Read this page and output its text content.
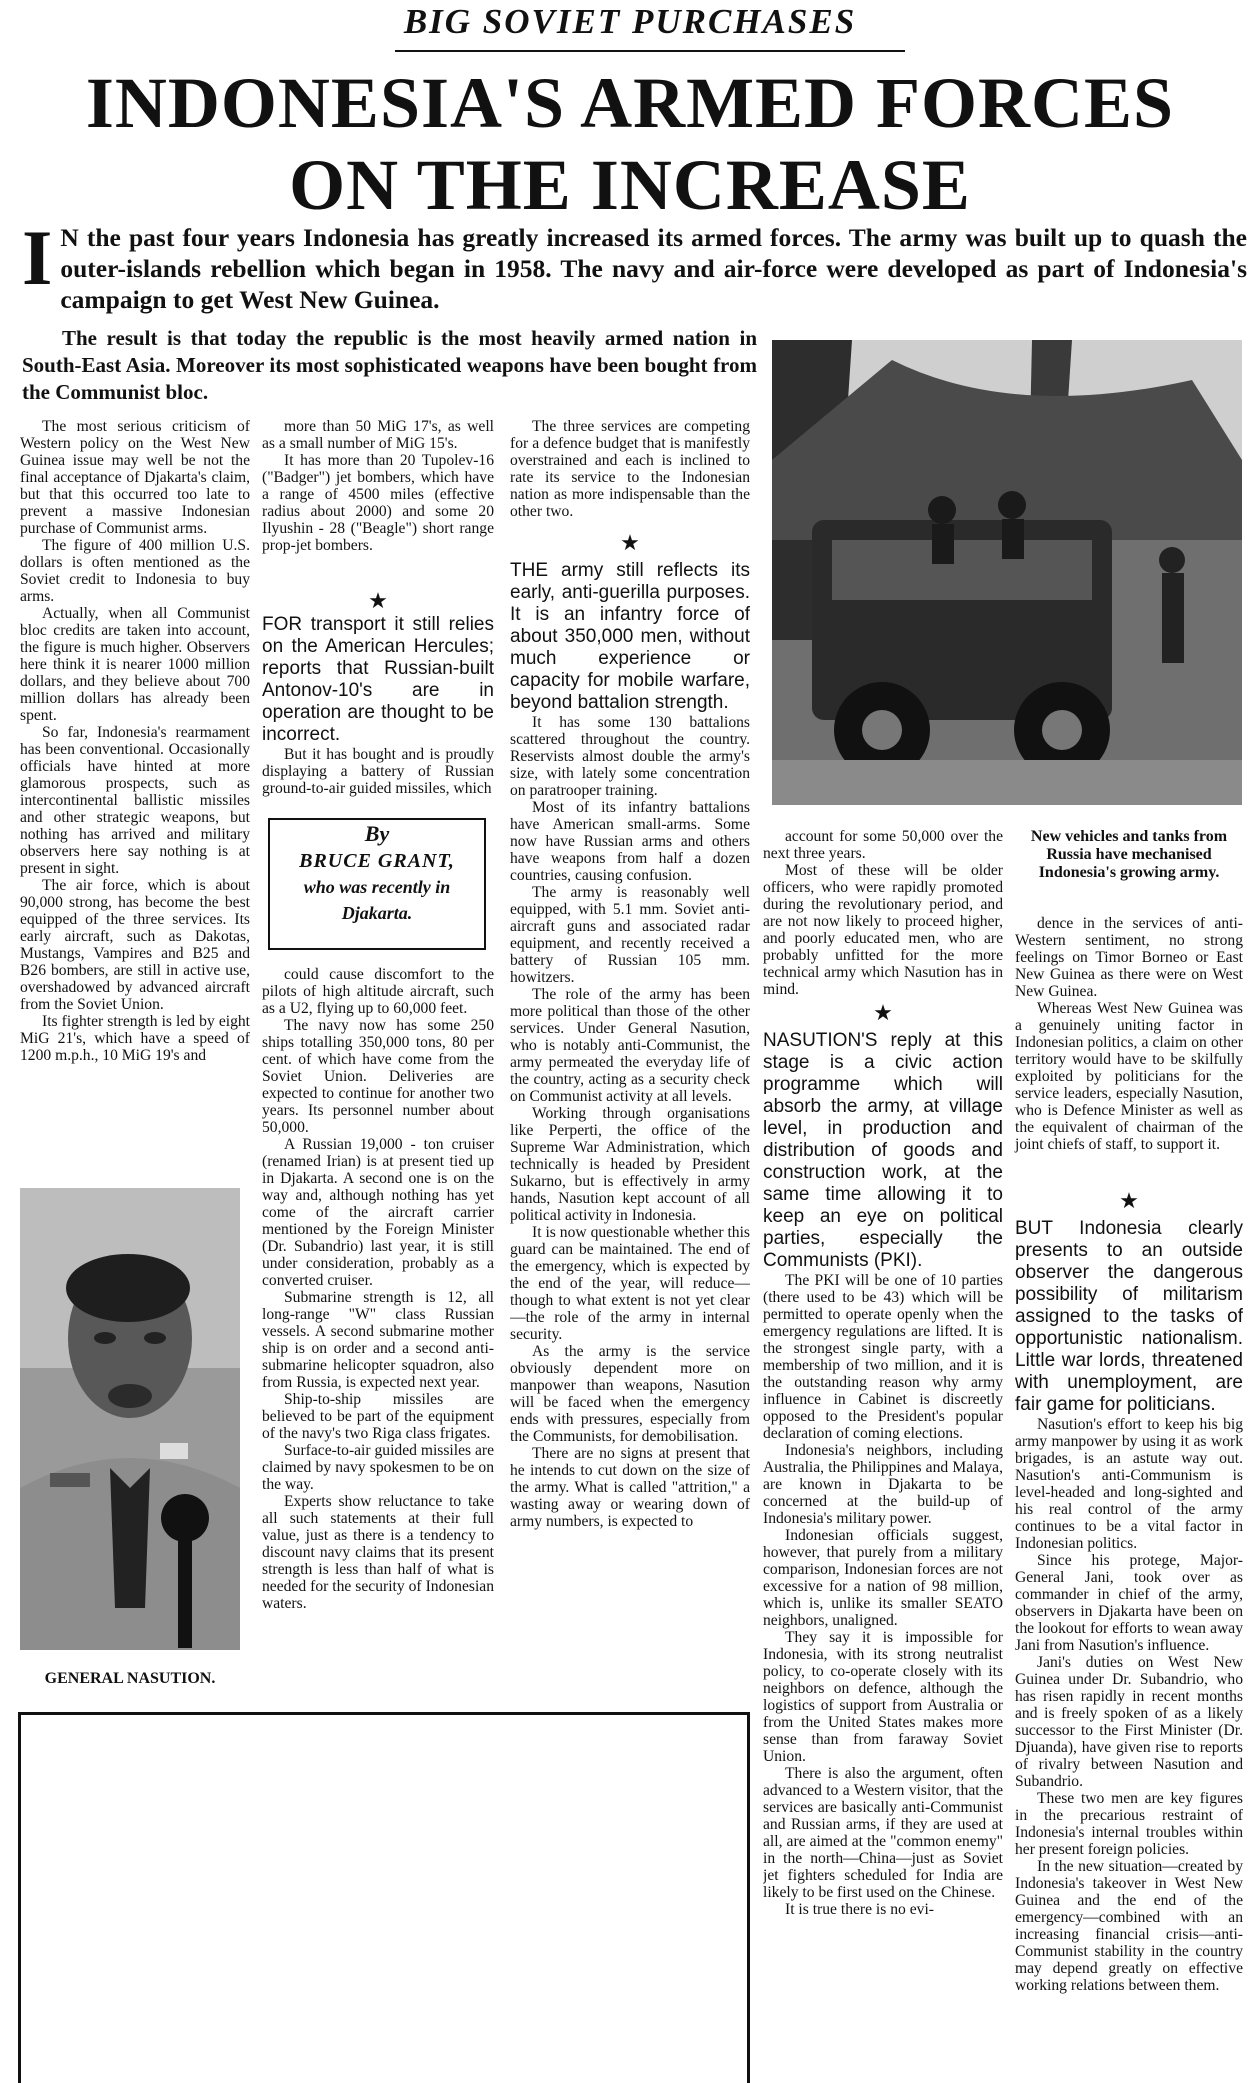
BIG SOVIET PURCHASES
INDONESIA'S ARMED FORCES
ON THE INCREASE
I N the past four years Indonesia has greatly increased its armed forces. The army was built up to quash the outer-islands rebellion which began in 1958. The navy and air-force were developed as part of Indonesia's campaign to get West New Guinea.
The result is that today the republic is the most heavily armed nation in South-East Asia. Moreover its most sophisticated weapons have been bought from the Communist bloc.

The most serious criticism of Western policy on the West New Guinea issue may well be not the final acceptance of Djakarta's claim, but that this occurred too late to prevent a massive Indonesian purchase of Communist arms.

The figure of 400 million U.S. dollars is often mentioned as the Soviet credit to Indonesia to buy arms.

Actually, when all Communist bloc credits are taken into account, the figure is much higher. Observers here think it is nearer 1000 million dollars, and they believe about 700 million dollars has already been spent.

So far, Indonesia's rearmament has been conventional. Occasionally officials have hinted at more glamorous prospects, such as intercontinental ballistic missiles and other strategic weapons, but nothing has arrived and military observers here say nothing is at present in sight.

The air force, which is about 90,000 strong, has become the best equipped of the three services. Its early aircraft, such as Dakotas, Mustangs, Vampires and B25 and B26 bombers, are still in active use, overshadowed by advanced aircraft from the Soviet Union.

Its fighter strength is led by eight MiG 21's, which have a speed of 1200 m.p.h., 10 MiG 19's and

GENERAL NASUTION.

more than 50 MiG 17's, as well as a small number of MiG 15's.

It has more than 20 Tupolev-16 ("Badger") jet bombers, which have a range of 4500 miles (effective radius about 2000) and some 20 Ilyushin - 28 ("Beagle") short range prop-jet bombers.

★

FOR transport it still relies on the American Hercules; reports that Russian-built Antonov-10's are in operation are thought to be incorrect.

But it has bought and is proudly displaying a battery of Russian ground-to-air guided missiles, which

By
BRUCE GRANT,
who was recently in Djakarta.

could cause discomfort to the pilots of high altitude aircraft, such as a U2, flying up to 60,000 feet.

The navy now has some 250 ships totalling 350,000 tons, 80 per cent. of which have come from the Soviet Union. Deliveries are expected to continue for another two years. Its personnel number about 50,000.

A Russian 19,000 - ton cruiser (renamed Irian) is at present tied up in Djakarta. A second one is on the way and, although nothing has yet come of the aircraft carrier mentioned by the Foreign Minister (Dr. Subandrio) last year, it is still under consideration, probably as a converted cruiser.

Submarine strength is 12, all long-range "W" class Russian vessels. A second submarine mother ship is on order and a second anti-submarine helicopter squadron, also from Russia, is expected next year.

Ship-to-ship missiles are believed to be part of the equipment of the navy's two Riga class frigates.

Surface-to-air guided missiles are claimed by navy spokesmen to be on the way.

Experts show reluctance to take all such statements at their full value, just as there is a tendency to discount navy claims that its present strength is less than half of what is needed for the security of Indonesian waters.

The three services are competing for a defence budget that is manifestly overstrained and each is inclined to rate its service to the Indonesian nation as more indispensable than the other two.

★

THE army still reflects its early, anti-guerilla purposes. It is an infantry force of about 350,000 men, without much experience or capacity for mobile warfare, beyond battalion strength.

It has some 130 battalions scattered throughout the country. Reservists almost double the army's size, with lately some concentration on paratrooper training.

Most of its infantry battalions have American small-arms. Some now have Russian arms and others have weapons from half a dozen countries, causing confusion.

The army is reasonably well equipped, with 5.1 mm. Soviet anti-aircraft guns and associated radar equipment, and recently received a battery of Russian 105 mm. howitzers.

The role of the army has been more political than those of the other services. Under General Nasution, who is notably anti-Communist, the army permeated the everyday life of the country, acting as a security check on Communist activity at all levels.

Working through organisations like Perperti, the office of the Supreme War Administration, which technically is headed by President Sukarno, but is effectively in army hands, Nasution kept account of all political activity in Indonesia.

It is now questionable whether this guard can be maintained. The end of the emergency, which is expected by the end of the year, will reduce—though to what extent is not yet clear—the role of the army in internal security.

As the army is the service obviously dependent more on manpower than weapons, Nasution will be faced when the emergency ends with pressures, especially from the Communists, for demobilisation.

There are no signs at present that he intends to cut down on the size of the army. What is called "attrition," a wasting away or wearing down of army numbers, is expected to

account for some 50,000 over the next three years.

Most of these will be older officers, who were rapidly promoted during the revolutionary period, and are not now likely to proceed higher, and poorly educated men, who are probably unfitted for the more technical army which Nasution has in mind.

★

NASUTION'S reply at this stage is a civic action programme which will absorb the army, at village level, in production and distribution of goods and construction work, at the same time allowing it to keep an eye on political parties, especially the Communists (PKI).

The PKI will be one of 10 parties (there used to be 43) which will be permitted to operate openly when the emergency regulations are lifted. It is the strongest single party, with a membership of two million, and it is the outstanding reason why army influence in Cabinet is discreetly opposed to the President's popular declaration of coming elections.

Indonesia's neighbors, including Australia, the Philippines and Malaya, are known in Djakarta to be concerned at the build-up of Indonesia's military power.

Indonesian officials suggest, however, that purely from a military comparison, Indonesian forces are not excessive for a nation of 98 million, which is, unlike its smaller SEATO neighbors, unaligned.

They say it is impossible for Indonesia, with its strong neutralist policy, to co-operate closely with its neighbors on defence, although the logistics of support from Australia or from the United States makes more sense than from faraway Soviet Union.

There is also the argument, often advanced to a Western visitor, that the services are basically anti-Communist and Russian arms, if they are used at all, are aimed at the "common enemy" in the north—China—just as Soviet jet fighters scheduled for India are likely to be first used on the Chinese.

It is true there is no evi-

New vehicles and tanks from Russia have mechanised Indonesia's growing army.

dence in the services of anti-Western sentiment, no strong feelings on Timor Borneo or East New Guinea as there were on West New Guinea.

Whereas West New Guinea was a genuinely uniting factor in Indonesian politics, a claim on other territory would have to be skilfully exploited by politicians for the service leaders, especially Nasution, who is Defence Minister as well as the equivalent of chairman of the joint chiefs of staff, to support it.

★

BUT Indonesia clearly presents to an outside observer the dangerous possibility of militarism assigned to the tasks of opportunistic nationalism. Little war lords, threatened with unemployment, are fair game for politicians.

Nasution's effort to keep his big army manpower by using it as work brigades, is an astute way out. Nasution's anti-Communism is level-headed and long-sighted and his real control of the army continues to be a vital factor in Indonesian politics.

Since his protege, Major-General Jani, took over as commander in chief of the army, observers in Djakarta have been on the lookout for efforts to wean away Jani from Nasution's influence.

Jani's duties on West New Guinea under Dr. Subandrio, who has risen rapidly in recent months and is freely spoken of as a likely successor to the First Minister (Dr. Djuanda), have given rise to reports of rivalry between Nasution and Subandrio.

These two men are key figures in the precarious restraint of Indonesia's internal troubles within her present foreign policies.

In the new situation—created by Indonesia's takeover in West New Guinea and the end of the emergency—combined with an increasing financial crisis—anti-Communist stability in the country may depend greatly on effective working relations between them.
